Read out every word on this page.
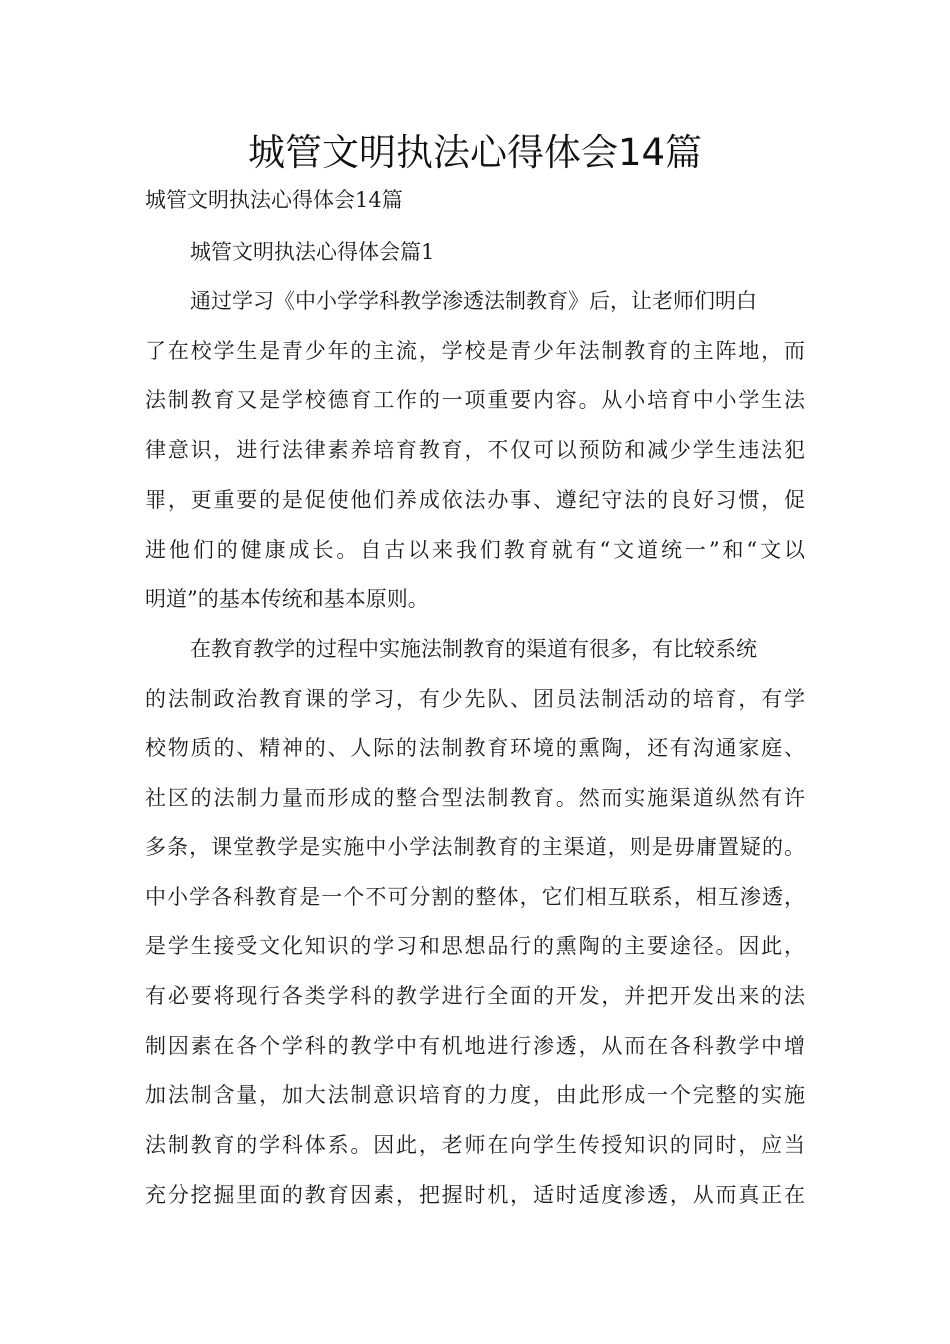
城管文明执法心得体会14篇
城管文明执法心得体会14篇
城管文明执法心得体会篇1
通过学习《中小学学科教学渗透法制教育》后，让老师们明白
了在校学生是青少年的主流，学校是青少年法制教育的主阵地，而
法制教育又是学校德育工作的一项重要内容。从小培育中小学生法
律意识，进行法律素养培育教育，不仅可以预防和减少学生违法犯
罪，更重要的是促使他们养成依法办事、遵纪守法的良好习惯，促
进他们的健康成长。自古以来我们教育就有“文道统一”和“文以
明道”的基本传统和基本原则。
在教育教学的过程中实施法制教育的渠道有很多，有比较系统
的法制政治教育课的学习，有少先队、团员法制活动的培育，有学
校物质的、精神的、人际的法制教育环境的熏陶，还有沟通家庭、
社区的法制力量而形成的整合型法制教育。然而实施渠道纵然有许
多条，课堂教学是实施中小学法制教育的主渠道，则是毋庸置疑的。
中小学各科教育是一个不可分割的整体，它们相互联系，相互渗透，
是学生接受文化知识的学习和思想品行的熏陶的主要途径。因此，
有必要将现行各类学科的教学进行全面的开发，并把开发出来的法
制因素在各个学科的教学中有机地进行渗透，从而在各科教学中增
加法制含量，加大法制意识培育的力度，由此形成一个完整的实施
法制教育的学科体系。因此，老师在向学生传授知识的同时，应当
充分挖掘里面的教育因素，把握时机，适时适度渗透，从而真正在
